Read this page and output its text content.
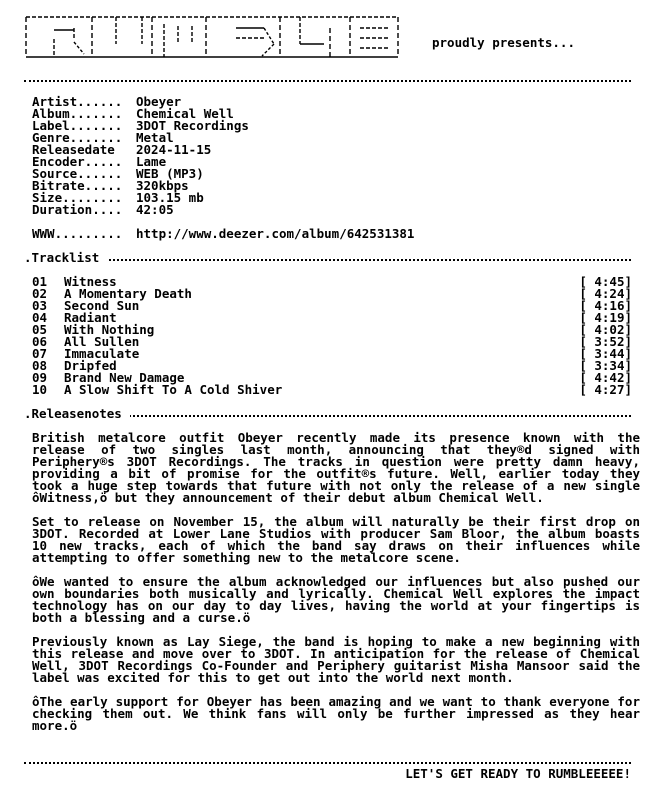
proudly presents...
Artist......	Obeyer
Album.......	Chemical Well
Label.......	3DOT Recordings
Genre.......	Metal
Releasedate	2024-11-15
Encoder.....	Lame
Source......	WEB (MP3)
Bitrate.....	320kbps
Size........	103.15 mb
Duration....	42:05
WWW.........	http://www.deezer.com/album/642531381
.Tracklist
01 Witness	[ 4:45]
02 A Momentary Death	[ 4:24]
03 Second Sun	[ 4:16]
04 Radiant	[ 4:19]
05 With Nothing	[ 4:02]
06 All Sullen	[ 3:52]
07 Immaculate	[ 3:44]
08 Dripfed	[ 3:34]
09 Brand New Damage	[ 4:42]
10 A Slow Shift To A Cold Shiver	[ 4:27]
.Releasenotes

British metalcore outfit Obeyer recently made its presence known with the release of two singles last month, announcing that they®d signed with Periphery®s 3DOT Recordings. The tracks in question were pretty damn heavy, providing a bit of promise for the outfit®s future. Well, earlier today they took a huge step towards that future with not only the release of a new single ôWitness,ö but they announcement of their debut album Chemical Well.

Set to release on November 15, the album will naturally be their first drop on 3DOT. Recorded at Lower Lane Studios with producer Sam Bloor, the album boasts 10 new tracks, each of which the band say draws on their influences while attempting to offer something new to the metalcore scene.

ôWe wanted to ensure the album acknowledged our influences but also pushed our own boundaries both musically and lyrically. Chemical Well explores the impact technology has on our day to day lives, having the world at your fingertips is both a blessing and a curse.ö

Previously known as Lay Siege, the band is hoping to make a new beginning with this release and move over to 3DOT. In anticipation for the release of Chemical Well, 3DOT Recordings Co-Founder and Periphery guitarist Misha Mansoor said the label was excited for this to get out into the world next month.

ôThe early support for Obeyer has been amazing and we want to thank everyone for checking them out. We think fans will only be further impressed as they hear more.ö

LET'S GET READY TO RUMBLEEEEE!
